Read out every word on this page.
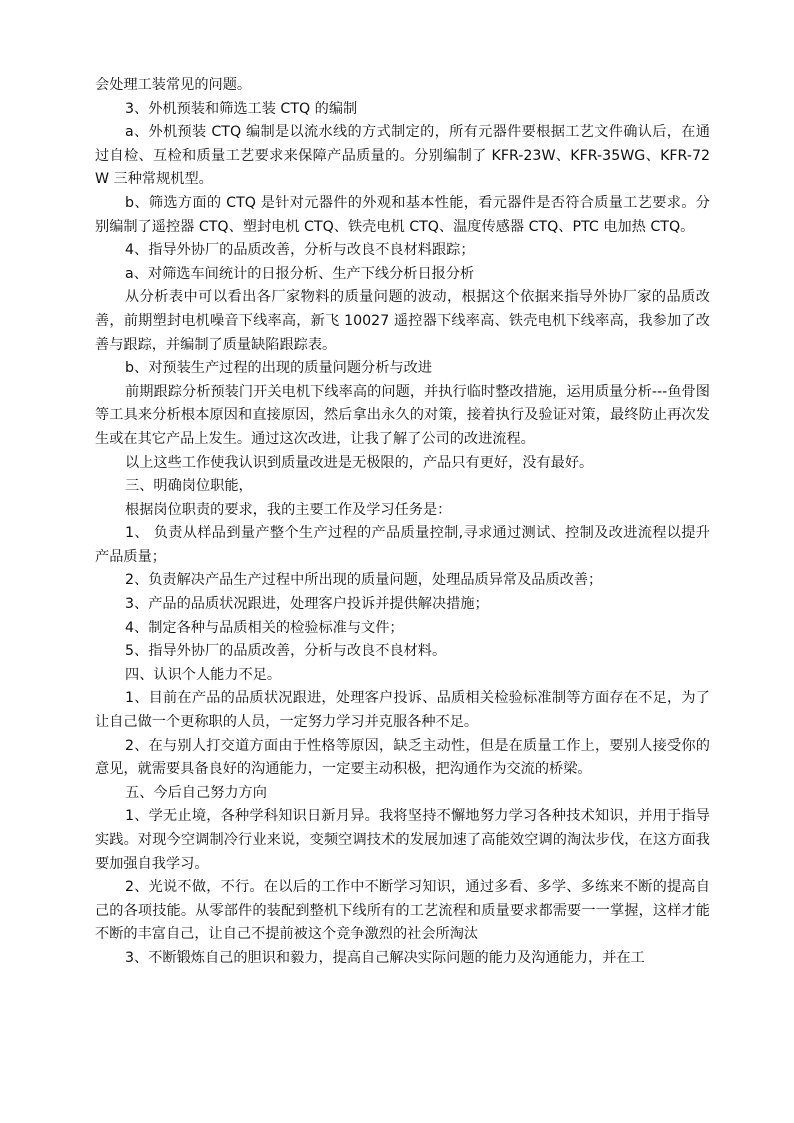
会处理工装常见的问题。

3、外机预装和筛选工装 CTQ 的编制

a、外机预装 CTQ 编制是以流水线的方式制定的，所有元器件要根据工艺文件确认后，在通过自检、互检和质量工艺要求来保障产品质量的。分别编制了 KFR-23W、KFR-35WG、KFR-72W 三种常规机型。

b、筛选方面的 CTQ 是针对元器件的外观和基本性能，看元器件是否符合质量工艺要求。分别编制了遥控器 CTQ、塑封电机 CTQ、铁壳电机 CTQ、温度传感器 CTQ、PTC 电加热 CTQ。

4、指导外协厂的品质改善，分析与改良不良材料跟踪；

a、对筛选车间统计的日报分析、生产下线分析日报分析

从分析表中可以看出各厂家物料的质量问题的波动，根据这个依据来指导外协厂家的品质改善，前期塑封电机噪音下线率高，新飞 10027 遥控器下线率高、铁壳电机下线率高，我参加了改善与跟踪，并编制了质量缺陷跟踪表。

b、对预装生产过程的出现的质量问题分析与改进

前期跟踪分析预装门开关电机下线率高的问题，并执行临时整改措施，运用质量分析---鱼骨图等工具来分析根本原因和直接原因，然后拿出永久的对策，接着执行及验证对策，最终防止再次发生或在其它产品上发生。通过这次改进，让我了解了公司的改进流程。

以上这些工作使我认识到质量改进是无极限的，产品只有更好，没有最好。

三、明确岗位职能，

根据岗位职责的要求，我的主要工作及学习任务是：

1、 负责从样品到量产整个生产过程的产品质量控制,寻求通过测试、控制及改进流程以提升产品质量；

2、负责解决产品生产过程中所出现的质量问题，处理品质异常及品质改善；

3、产品的品质状况跟进，处理客户投诉并提供解决措施；

4、制定各种与品质相关的检验标准与文件；

5、指导外协厂的品质改善，分析与改良不良材料。

四、认识个人能力不足。

1、目前在产品的品质状况跟进，处理客户投诉、品质相关检验标准制等方面存在不足，为了让自己做一个更称职的人员，一定努力学习并克服各种不足。

2、在与别人打交道方面由于性格等原因，缺乏主动性，但是在质量工作上，要别人接受你的意见，就需要具备良好的沟通能力，一定要主动积极，把沟通作为交流的桥梁。

五、今后自己努力方向

1、学无止境，各种学科知识日新月异。我将坚持不懈地努力学习各种技术知识，并用于指导实践。对现今空调制冷行业来说，变频空调技术的发展加速了高能效空调的淘汰步伐，在这方面我要加强自我学习。

2、光说不做，不行。在以后的工作中不断学习知识，通过多看、多学、多练来不断的提高自己的各项技能。从零部件的装配到整机下线所有的工艺流程和质量要求都需要一一掌握，这样才能不断的丰富自己，让自己不提前被这个竞争激烈的社会所淘汰

3、不断锻炼自己的胆识和毅力，提高自己解决实际问题的能力及沟通能力，并在工
